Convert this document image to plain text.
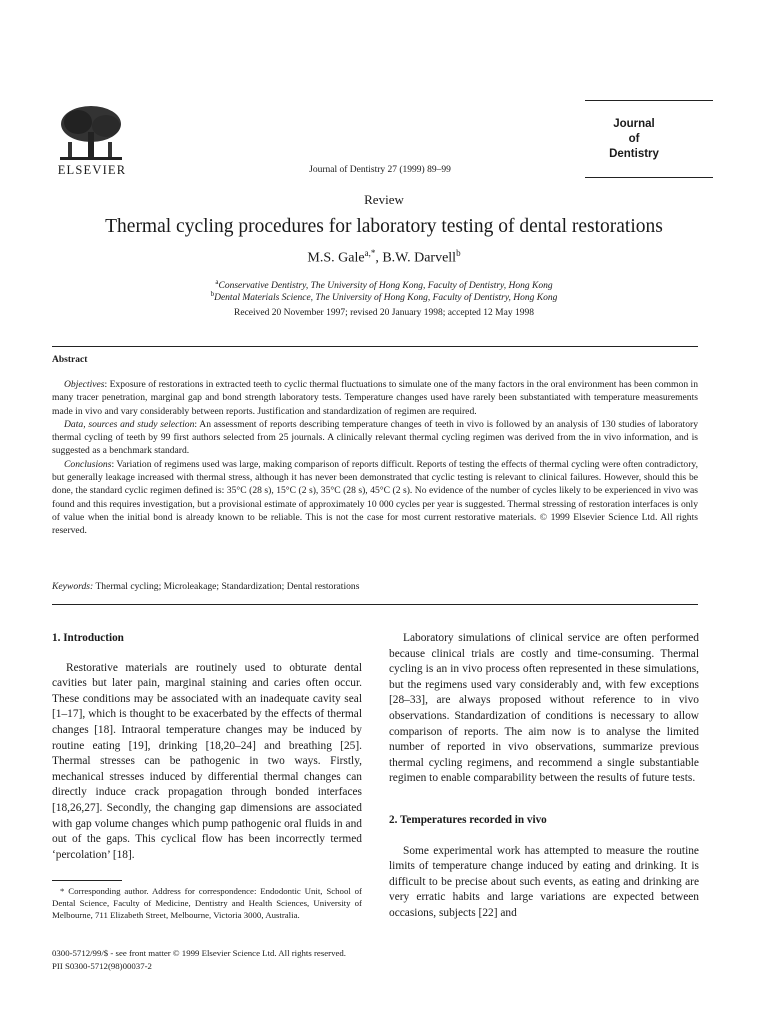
ELSEVIER	Journal of Dentistry 27 (1999) 89–99
Journal
of
Dentistry
Review
Thermal cycling procedures for laboratory testing of dental restorations
M.S. Gale$^{a,*}$, B.W. Darvell$^b$
$^a$Conservative Dentistry, The University of Hong Kong, Faculty of Dentistry, Hong Kong
$^b$Dental Materials Science, The University of Hong Kong, Faculty of Dentistry, Hong Kong
Received 20 November 1997; revised 20 January 1998; accepted 12 May 1998
Abstract

Objectives: Exposure of restorations in extracted teeth to cyclic thermal fluctuations to simulate one of the many factors in the oral environment has been common in many tracer penetration, marginal gap and bond strength laboratory tests. Temperature changes used have rarely been substantiated with temperature measurements made in vivo and vary considerably between reports. Justification and standardization of regimen are required.

Data, sources and study selection: An assessment of reports describing temperature changes of teeth in vivo is followed by an analysis of 130 studies of laboratory thermal cycling of teeth by 99 first authors selected from 25 journals. A clinically relevant thermal cycling regimen was derived from the in vivo information, and is suggested as a benchmark standard.

Conclusions: Variation of regimens used was large, making comparison of reports difficult. Reports of testing the effects of thermal cycling were often contradictory, but generally leakage increased with thermal stress, although it has never been demonstrated that cyclic testing is relevant to clinical failures. However, should this be done, the standard cyclic regimen defined is: 35°C (28 s), 15°C (2 s), 35°C (28 s), 45°C (2 s). No evidence of the number of cycles likely to be experienced in vivo was found and this requires investigation, but a provisional estimate of approximately 10 000 cycles per year is suggested. Thermal stressing of restoration interfaces is only of value when the initial bond is already known to be reliable. This is not the case for most current restorative materials. © 1999 Elsevier Science Ltd. All rights reserved.

Keywords: Thermal cycling; Microleakage; Standardization; Dental restorations
1. Introduction

Restorative materials are routinely used to obturate dental cavities but later pain, marginal staining and caries often occur. These conditions may be associated with an inadequate cavity seal [1–17], which is thought to be exacerbated by the effects of thermal changes [18]. Intraoral temperature changes may be induced by routine eating [19], drinking [18,20–24] and breathing [25]. Thermal stresses can be pathogenic in two ways. Firstly, mechanical stresses induced by differential thermal changes can directly induce crack propagation through bonded interfaces [18,26,27]. Secondly, the changing gap dimensions are associated with gap volume changes which pump pathogenic oral fluids in and out of the gaps. This cyclical flow has been incorrectly termed ‘percolation’ [18].

Laboratory simulations of clinical service are often performed because clinical trials are costly and time-consuming. Thermal cycling is an in vivo process often represented in these simulations, but the regimens used vary considerably and, with few exceptions [28–33], are always proposed without reference to in vivo observations. Standardization of conditions is necessary to allow comparison of reports. The aim now is to analyse the limited number of reported in vivo observations, summarize previous thermal cycling regimens, and recommend a single substantiable regimen to enable comparability between the results of future tests.

2. Temperatures recorded in vivo

Some experimental work has attempted to measure the routine limits of temperature change induced by eating and drinking. It is difficult to be precise about such events, as eating and drinking are very erratic habits and large variations are expected between occasions, subjects [22] and

* Corresponding author. Address for correspondence: Endodontic Unit, School of Dental Science, Faculty of Medicine, Dentistry and Health Sciences, University of Melbourne, 711 Elizabeth Street, Melbourne, Victoria 3000, Australia.

0300-5712/99/$ - see front matter © 1999 Elsevier Science Ltd. All rights reserved.
PII S0300-5712(98)00037-2
